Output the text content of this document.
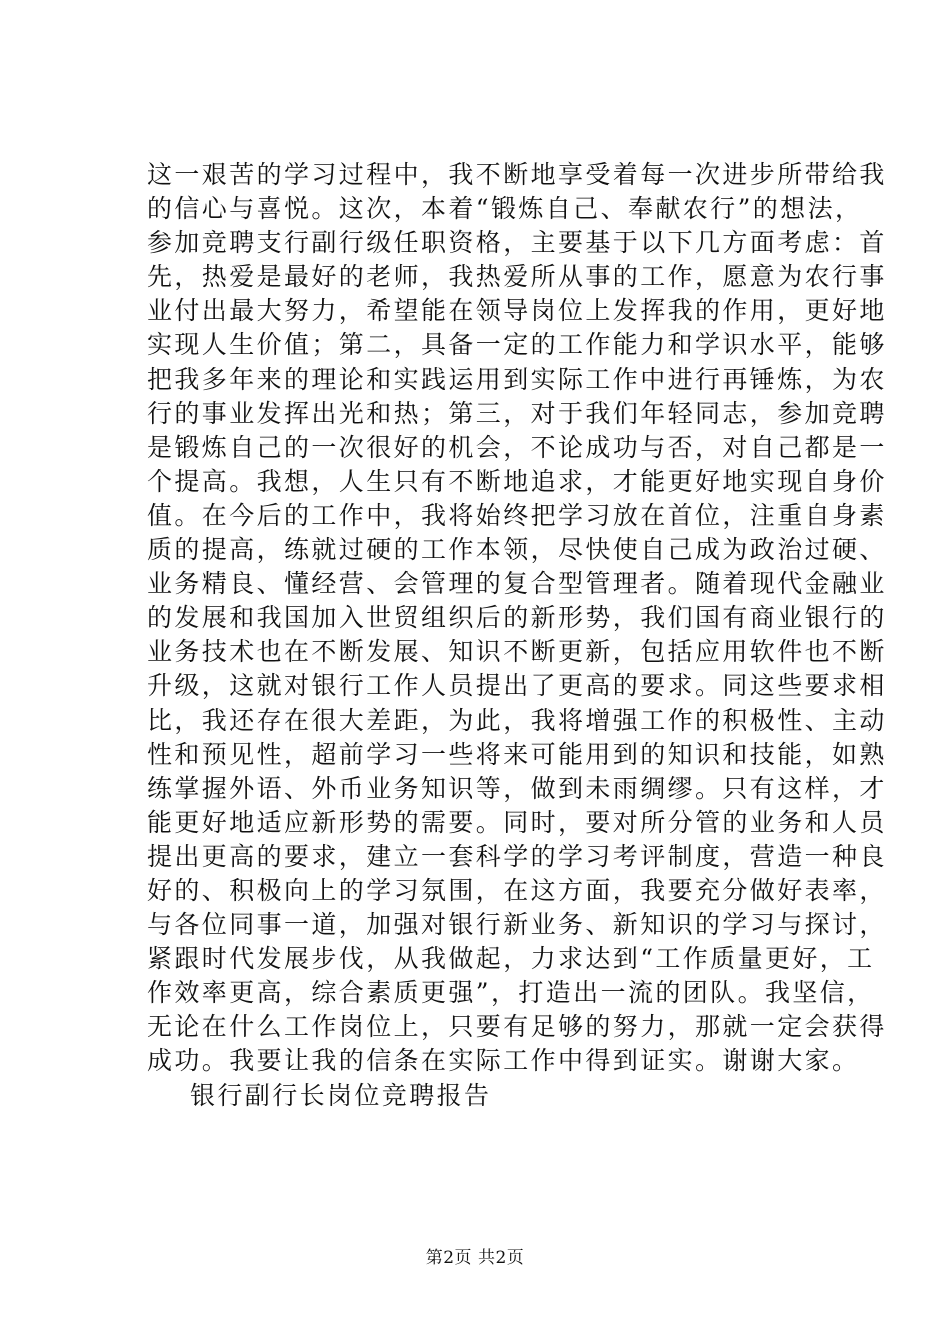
这一艰苦的学习过程中，我不断地享受着每一次进步所带给我
的信心与喜悦。这次，本着“锻炼自己、奉献农行”的想法，
参加竞聘支行副行级任职资格，主要基于以下几方面考虑：首
先，热爱是最好的老师，我热爱所从事的工作，愿意为农行事
业付出最大努力，希望能在领导岗位上发挥我的作用，更好地
实现人生价值；第二，具备一定的工作能力和学识水平，能够
把我多年来的理论和实践运用到实际工作中进行再锤炼，为农
行的事业发挥出光和热；第三，对于我们年轻同志，参加竞聘
是锻炼自己的一次很好的机会，不论成功与否，对自己都是一
个提高。我想，人生只有不断地追求，才能更好地实现自身价
值。在今后的工作中，我将始终把学习放在首位，注重自身素
质的提高，练就过硬的工作本领，尽快使自己成为政治过硬、
业务精良、懂经营、会管理的复合型管理者。随着现代金融业
的发展和我国加入世贸组织后的新形势，我们国有商业银行的
业务技术也在不断发展、知识不断更新，包括应用软件也不断
升级，这就对银行工作人员提出了更高的要求。同这些要求相
比，我还存在很大差距，为此，我将增强工作的积极性、主动
性和预见性，超前学习一些将来可能用到的知识和技能，如熟
练掌握外语、外币业务知识等，做到未雨绸缪。只有这样，才
能更好地适应新形势的需要。同时，要对所分管的业务和人员
提出更高的要求，建立一套科学的学习考评制度，营造一种良
好的、积极向上的学习氛围，在这方面，我要充分做好表率，
与各位同事一道，加强对银行新业务、新知识的学习与探讨，
紧跟时代发展步伐，从我做起，力求达到“工作质量更好，工
作效率更高，综合素质更强”，打造出一流的团队。我坚信，
无论在什么工作岗位上，只要有足够的努力，那就一定会获得
成功。我要让我的信条在实际工作中得到证实。谢谢大家。
银行副行长岗位竞聘报告
第2页 共2页
